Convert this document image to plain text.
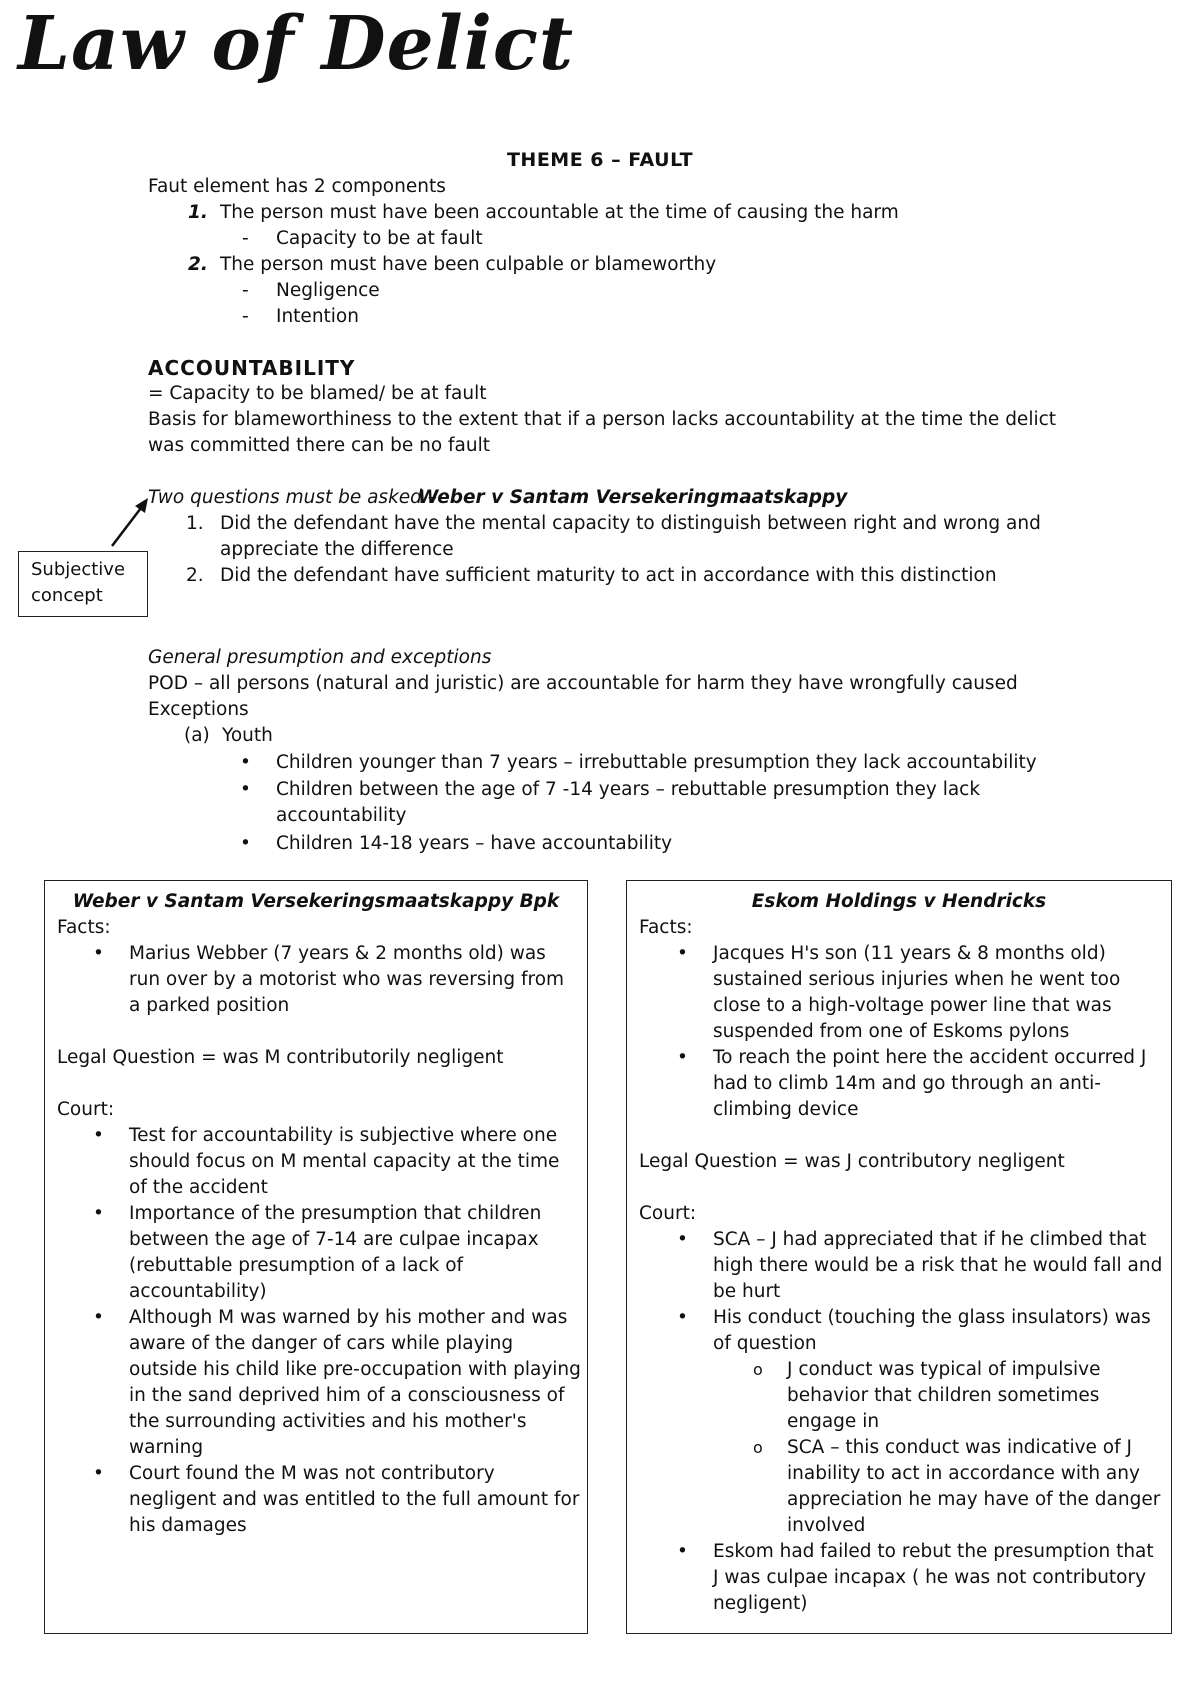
Law of Delict
THEME 6 – FAULT
Faut element has 2 components
1. The person must have been accountable at the time of causing the harm
- Capacity to be at fault
2. The person must have been culpable or blameworthy
- Negligence
- Intention
ACCOUNTABILITY
= Capacity to be blamed/ be at fault
Basis for blameworthiness to the extent that if a person lacks accountability at the time the delict
was committed there can be no fault
Two questions must be asked –
Weber v Santam Versekeringmaatskappy
1. Did the defendant have the mental capacity to distinguish between right and wrong and
appreciate the difference
2. Did the defendant have sufficient maturity to act in accordance with this distinction
Subjective
concept
General presumption and exceptions
POD – all persons (natural and juristic) are accountable for harm they have wrongfully caused
Exceptions
(a) Youth
• Children younger than 7 years – irrebuttable presumption they lack accountability
• Children between the age of 7 -14 years – rebuttable presumption they lack
accountability
• Children 14-18 years – have accountability
Weber v Santam Versekeringsmaatskappy Bpk
Facts:
• Marius Webber (7 years & 2 months old) was
run over by a motorist who was reversing from
a parked position
Legal Question = was M contributorily negligent
Court:
• Test for accountability is subjective where one
should focus on M mental capacity at the time
of the accident
• Importance of the presumption that children
between the age of 7-14 are culpae incapax
(rebuttable presumption of a lack of
accountability)
• Although M was warned by his mother and was
aware of the danger of cars while playing
outside his child like pre-occupation with playing
in the sand deprived him of a consciousness of
the surrounding activities and his mother's
warning
• Court found the M was not contributory
negligent and was entitled to the full amount for
his damages
Eskom Holdings v Hendricks
Facts:
• Jacques H's son (11 years & 8 months old)
sustained serious injuries when he went too
close to a high-voltage power line that was
suspended from one of Eskoms pylons
• To reach the point here the accident occurred J
had to climb 14m and go through an anti-
climbing device
Legal Question = was J contributory negligent
Court:
• SCA – J had appreciated that if he climbed that
high there would be a risk that he would fall and
be hurt
• His conduct (touching the glass insulators) was
of question
o J conduct was typical of impulsive
behavior that children sometimes
engage in
o SCA – this conduct was indicative of J
inability to act in accordance with any
appreciation he may have of the danger
involved
• Eskom had failed to rebut the presumption that
J was culpae incapax ( he was not contributory
negligent)
